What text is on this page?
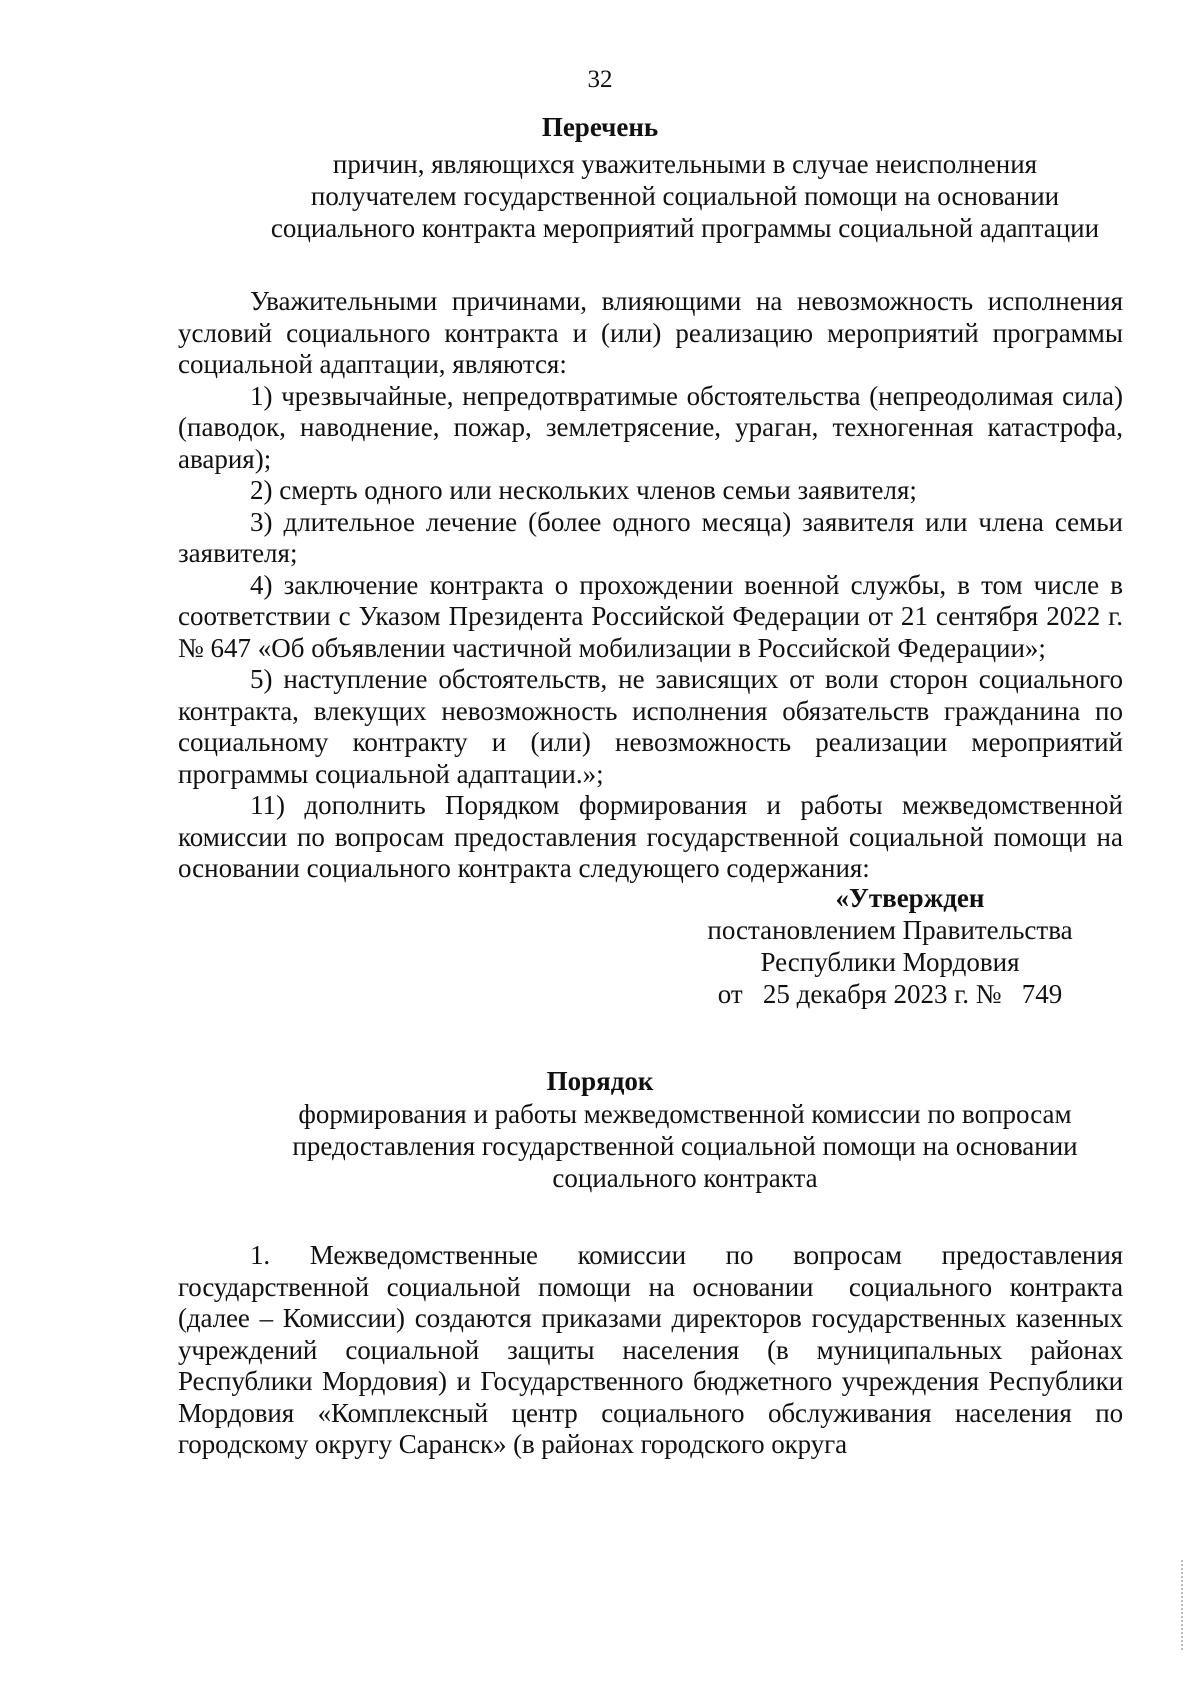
32

Перечень

причин, являющихся уважительными в случае неисполнения
получателем государственной социальной помощи на основании
социального контракта мероприятий программы социальной адаптации

Уважительными причинами, влияющими на невозможность исполнения условий социального контракта и (или) реализацию мероприятий программы социальной адаптации, являются:

1) чрезвычайные, непредотвратимые обстоятельства (непреодолимая сила) (паводок, наводнение, пожар, землетрясение, ураган, техногенная катастрофа, авария);

2) смерть одного или нескольких членов семьи заявителя;

3) длительное лечение (более одного месяца) заявителя или члена семьи заявителя;

4) заключение контракта о прохождении военной службы, в том числе в соответствии с Указом Президента Российской Федерации от 21 сентября 2022 г. № 647 «Об объявлении частичной мобилизации в Российской Федерации»;

5) наступление обстоятельств, не зависящих от воли сторон социального контракта, влекущих невозможность исполнения обязательств гражданина по социальному контракту и (или) невозможность реализации мероприятий программы социальной адаптации.»;

11) дополнить Порядком формирования и работы межведомственной комиссии по вопросам предоставления государственной социальной помощи на основании социального контракта следующего содержания:

«Утвержден
постановлением Правительства
Республики Мордовия
от   25 декабря 2023 г. №   749

Порядок

формирования и работы межведомственной комиссии по вопросам
предоставления государственной социальной помощи на основании
социального контракта

1. Межведомственные комиссии по вопросам предоставления государственной социальной помощи на основании  социального контракта (далее – Комиссии) создаются приказами директоров государственных казенных учреждений социальной защиты населения (в муниципальных районах Республики Мордовия) и Государственного бюджетного учреждения Республики Мордовия «Комплексный центр социального обслуживания населения по городскому округу Саранск» (в районах городского округа
